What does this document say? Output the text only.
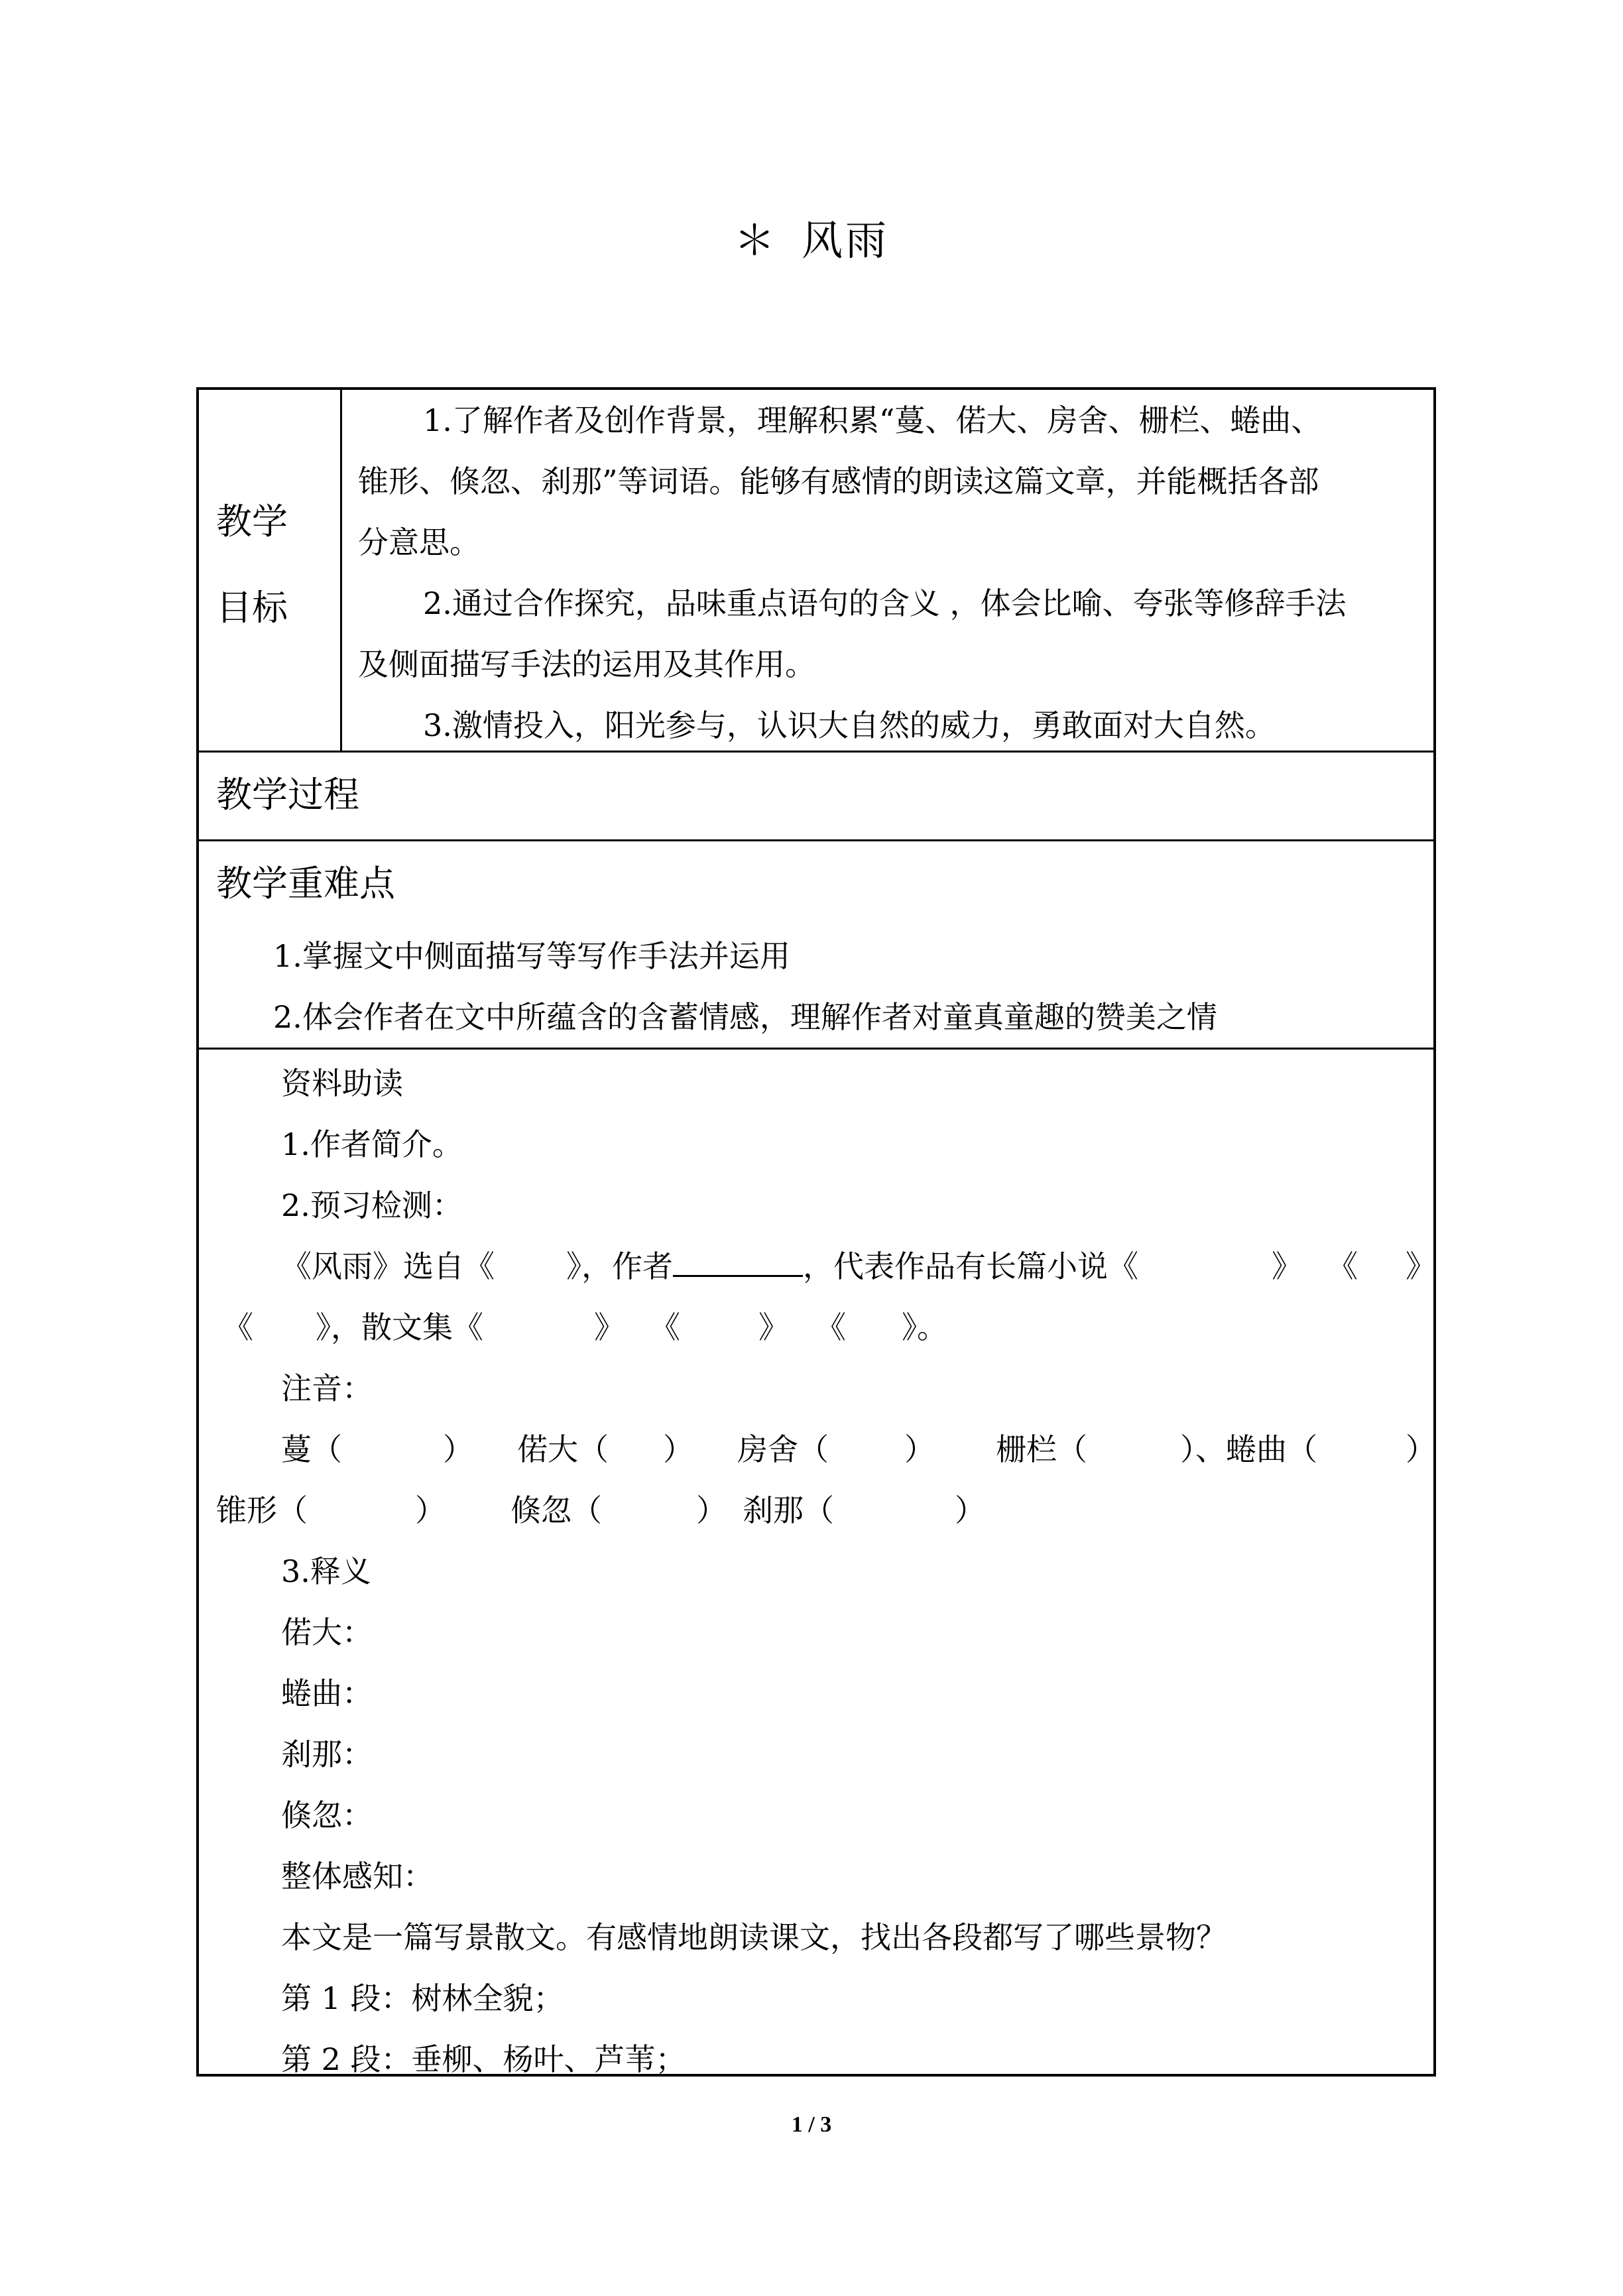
＊ 风雨
教学
目标
1.了解作者及创作背景，理解积累“蔓、偌大、房舍、栅栏、蜷曲、
锥形、倏忽、刹那”等词语。能够有感情的朗读这篇文章，并能概括各部
分意思。
2.通过合作探究，品味重点语句的含义 ，体会比喻、夸张等修辞手法
及侧面描写手法的运用及其作用。
3.激情投入，阳光参与，认识大自然的威力，勇敢面对大自然。
教学过程
教学重难点
1.掌握文中侧面描写等写作手法并运用
2.体会作者在文中所蕴含的含蓄情感，理解作者对童真童趣的赞美之情
资料助读
1.作者简介。
2.预习检测：
《风雨》选自《 》，作者	，代表作品有长篇小说《	》 《 》
《 》，散文集《	》 《	》 《 》。
注音：
蔓（	） 偌大（ ） 房舍（ ） 栅栏（	）、蜷曲（	）
锥形（	） 倏忽（	） 刹那（	）
3.释义
偌大：
蜷曲：
刹那：
倏忽：
整体感知：
本文是一篇写景散文。有感情地朗读课文，找出各段都写了哪些景物？
第 1 段：树林全貌；
第 2 段：垂柳、杨叶、芦苇；
1 / 3
